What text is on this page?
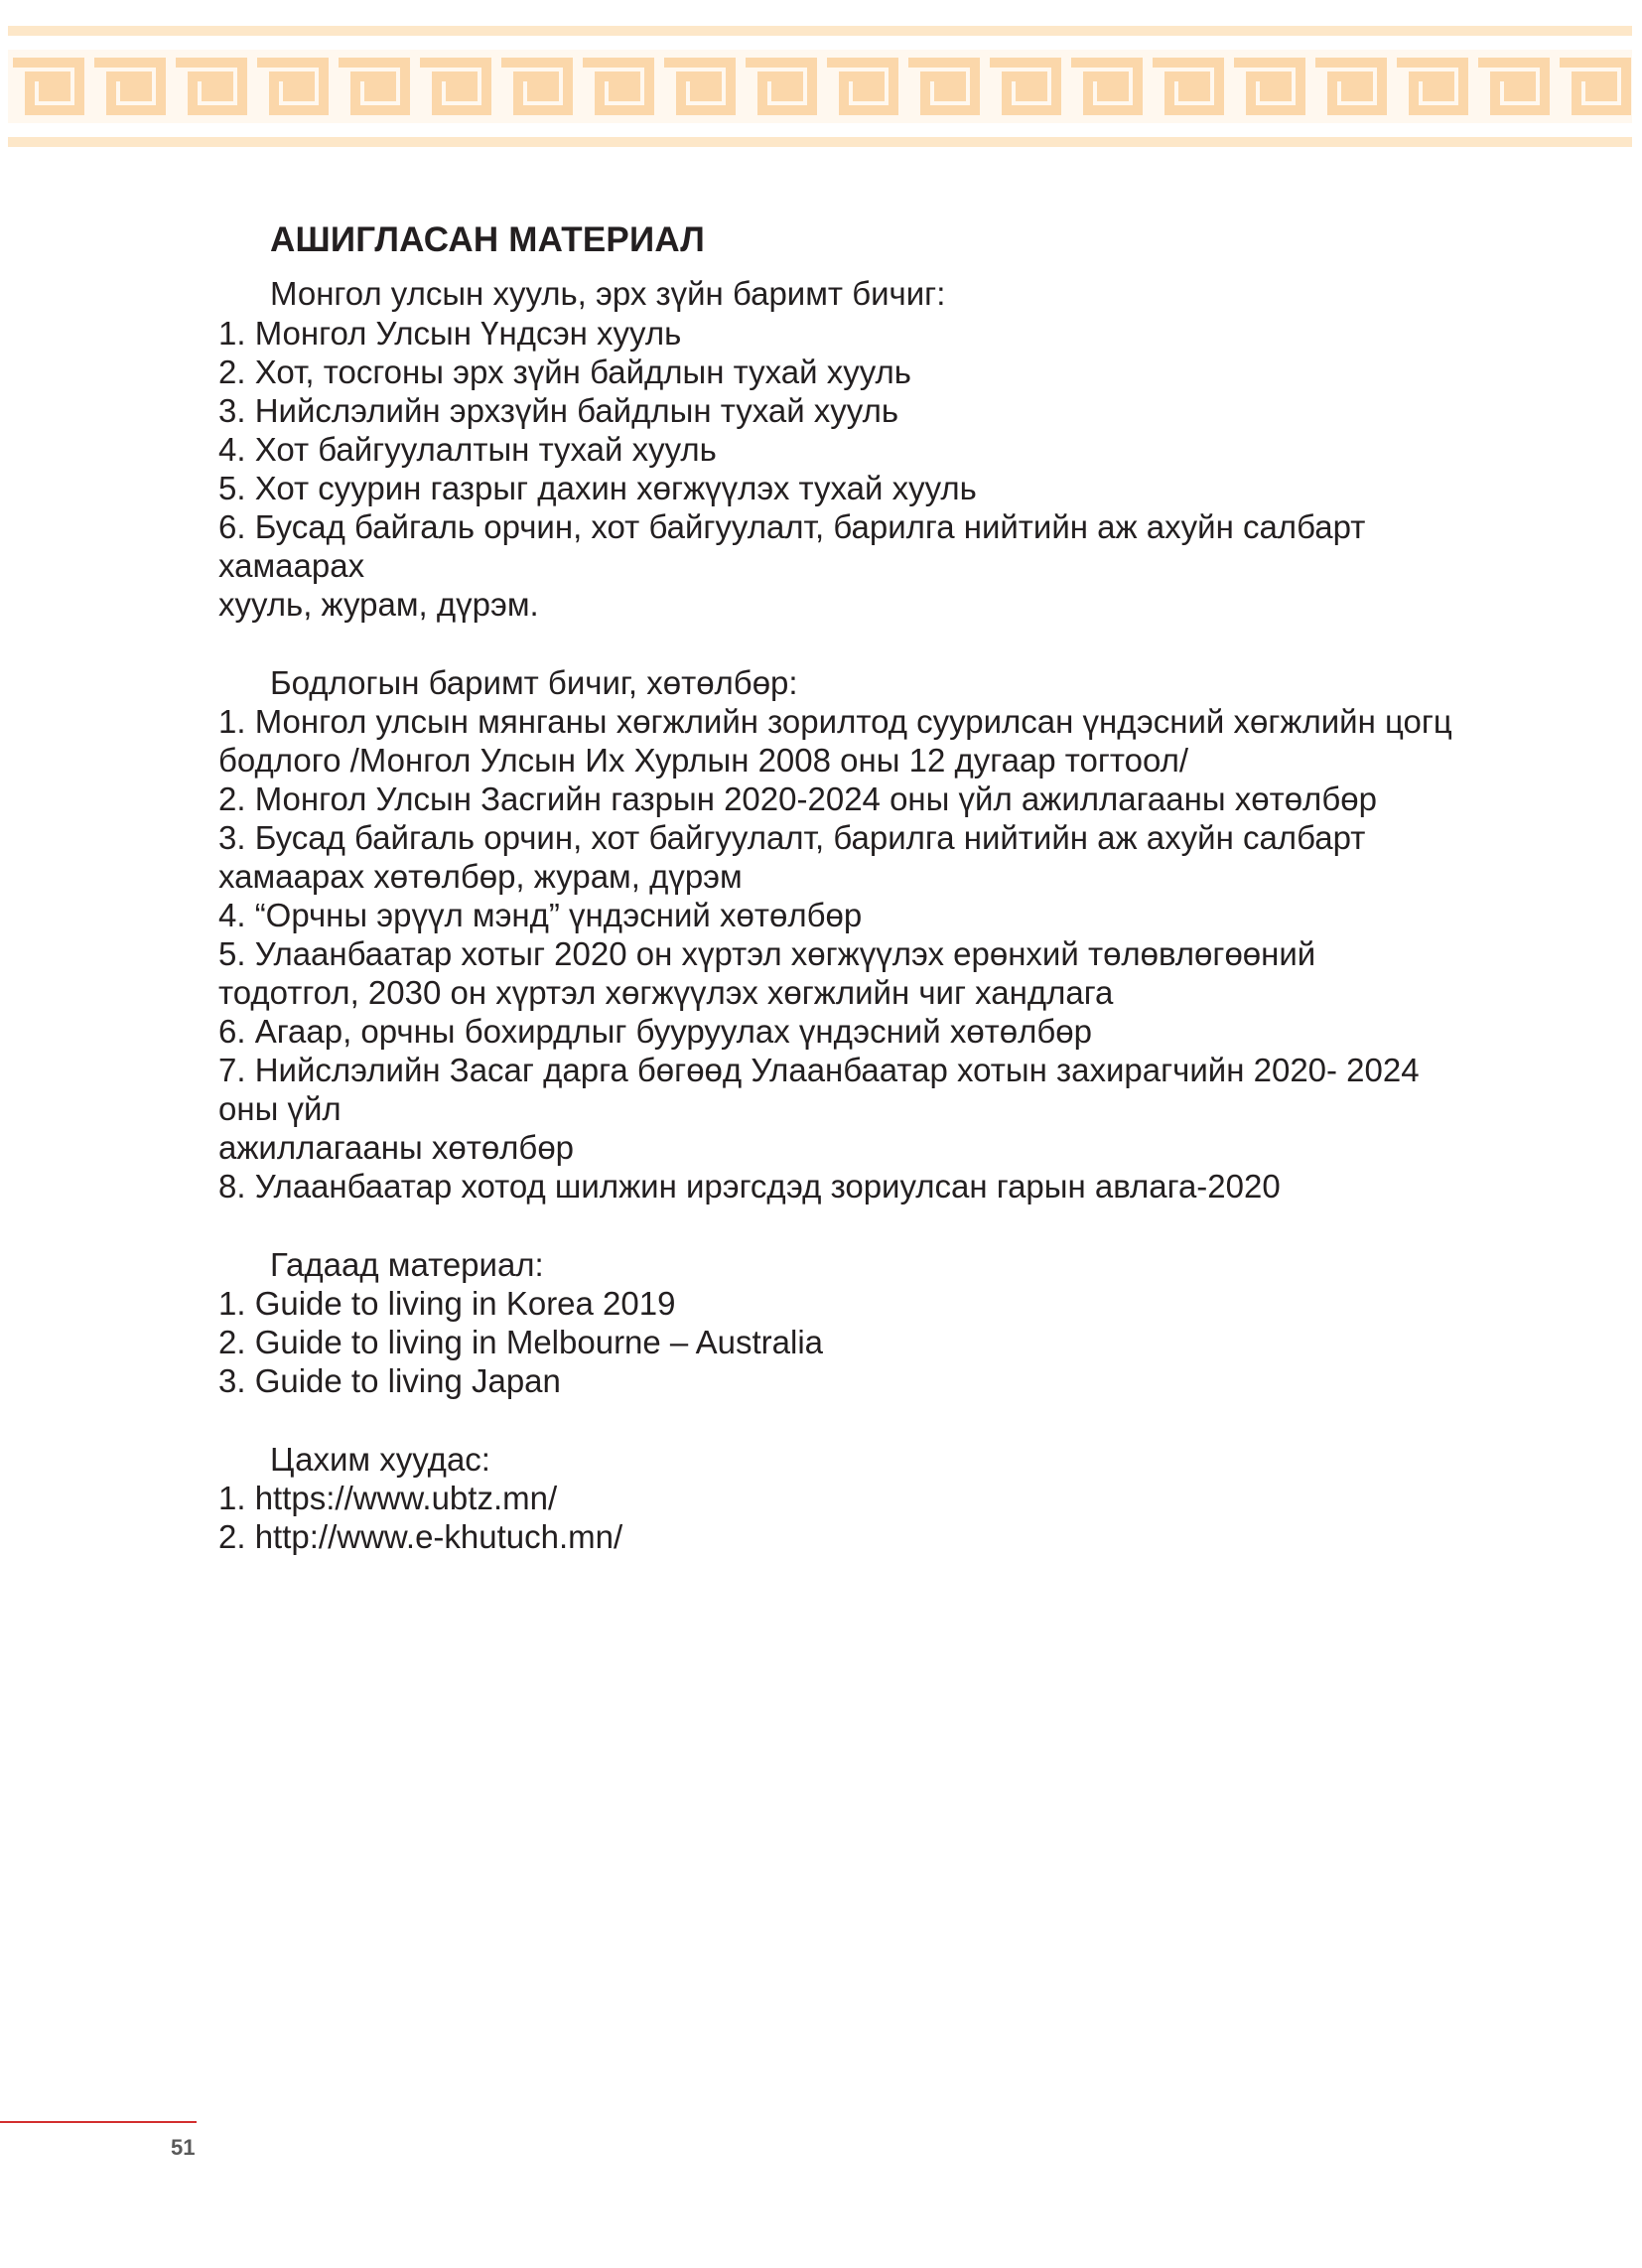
АШИГЛАСАН МАТЕРИАЛ
Монгол улсын хууль, эрх зүйн баримт бичиг:
1. Монгол Улсын Үндсэн хууль
2. Хот, тосгоны эрх зүйн байдлын тухай хууль
3. Нийслэлийн эрхзүйн байдлын тухай хууль
4. Хот байгуулалтын тухай хууль
5. Хот суурин газрыг дахин хөгжүүлэх тухай хууль
6. Бусад байгаль орчин, хот байгуулалт, барилга нийтийн аж ахуйн салбарт
хамаарах
хууль, журам, дүрэм.
Бодлогын баримт бичиг, хөтөлбөр:
1. Монгол улсын мянганы хөгжлийн зорилтод суурилсан үндэсний хөгжлийн цогц
бодлого /Монгол Улсын Их Хурлын 2008 оны 12 дугаар тогтоол/
2. Монгол Улсын Засгийн газрын 2020-2024 оны үйл ажиллагааны хөтөлбөр
3. Бусад байгаль орчин, хот байгуулалт, барилга нийтийн аж ахуйн салбарт
хамаарах хөтөлбөр, журам, дүрэм
4. “Орчны эрүүл мэнд” үндэсний хөтөлбөр
5. Улаанбаатар хотыг 2020 он хүртэл хөгжүүлэх ерөнхий төлөвлөгөөний
тодотгол, 2030 он хүртэл хөгжүүлэх хөгжлийн чиг хандлага
6. Агаар, орчны бохирдлыг бууруулах үндэсний хөтөлбөр
7. Нийслэлийн Засаг дарга бөгөөд Улаанбаатар хотын захирагчийн 2020- 2024
оны үйл
ажиллагааны хөтөлбөр
8. Улаанбаатар хотод шилжин ирэгсдэд зориулсан гарын авлага-2020
Гадаад материал:
1. Guide to living in Korea 2019
2. Guide to living in Melbourne – Australia
3. Guide to living Japan
Цахим хуудас:
1. https://www.ubtz.mn/
2. http://www.e-khutuch.mn/
51
